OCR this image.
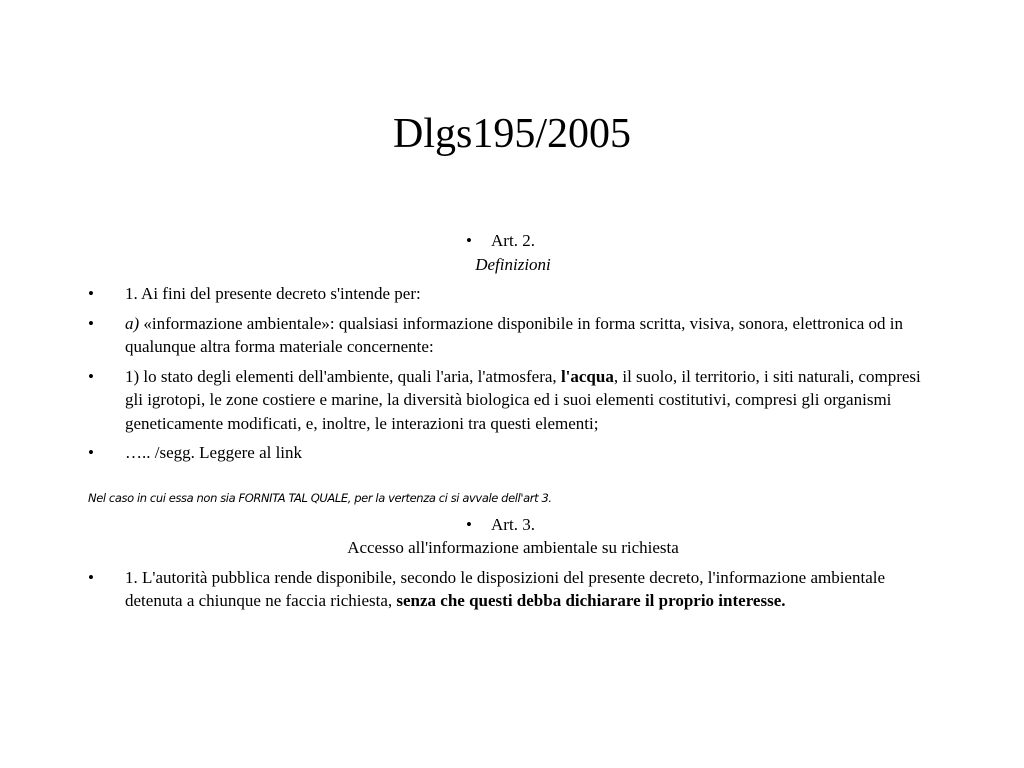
Dlgs195/2005
•	Art. 2.
Definizioni
• 1. Ai fini del presente decreto s'intende per:
• a) «informazione ambientale»: qualsiasi informazione disponibile in forma scritta, visiva, sonora, elettronica od in qualunque altra forma materiale concernente:
• 1) lo stato degli elementi dell'ambiente, quali l'aria, l'atmosfera, l'acqua, il suolo, il territorio, i siti naturali, compresi gli igrotopi, le zone costiere e marine, la diversità biologica ed i suoi elementi costitutivi, compresi gli organismi geneticamente modificati, e, inoltre, le interazioni tra questi elementi;
• ….. /segg. Leggere al link
Nel caso in cui essa non sia FORNITA TAL QUALE, per la vertenza ci si avvale dell'art 3.
•	Art. 3.
Accesso all'informazione ambientale su richiesta
• 1. L'autorità pubblica rende disponibile, secondo le disposizioni del presente decreto, l'informazione ambientale detenuta a chiunque ne faccia richiesta, senza che questi debba dichiarare il proprio interesse.
